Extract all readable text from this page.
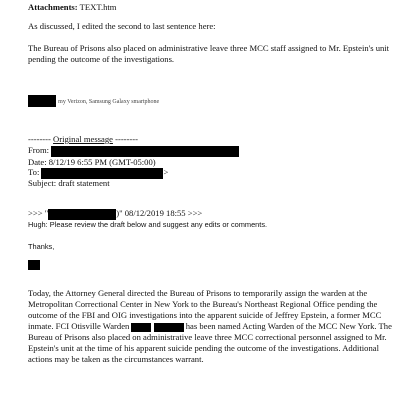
Attachments: TEXT.htm
As discussed, I edited the second to last sentence here:
The Bureau of Prisons also placed on administrative leave three MCC staff assigned to Mr. Epstein's unit pending the outcome of the investigations.
my Verizon, Samsung Galaxy smartphone
-------- Original message --------
From:
Date: 8/12/19 6:55 PM (GMT-05:00)
To:	>
Subject: draft statement
>>> "	)" 08/12/2019 18:55 >>>
Hugh: Please review the draft below and suggest any edits or comments.
Thanks,
Today, the Attorney General directed the Bureau of Prisons to temporarily assign the warden at the Metropolitan Correctional Center in New York to the Bureau's Northeast Regional Office pending the outcome of the FBI and OIG investigations into the apparent suicide of Jeffrey Epstein, a former MCC inmate. FCI Otisville Warden	has been named Acting Warden of the MCC New York. The Bureau of Prisons also placed on administrative leave three MCC correctional personnel assigned to Mr. Epstein's unit at the time of his apparent suicide pending the outcome of the investigations. Additional actions may be taken as the circumstances warrant.
